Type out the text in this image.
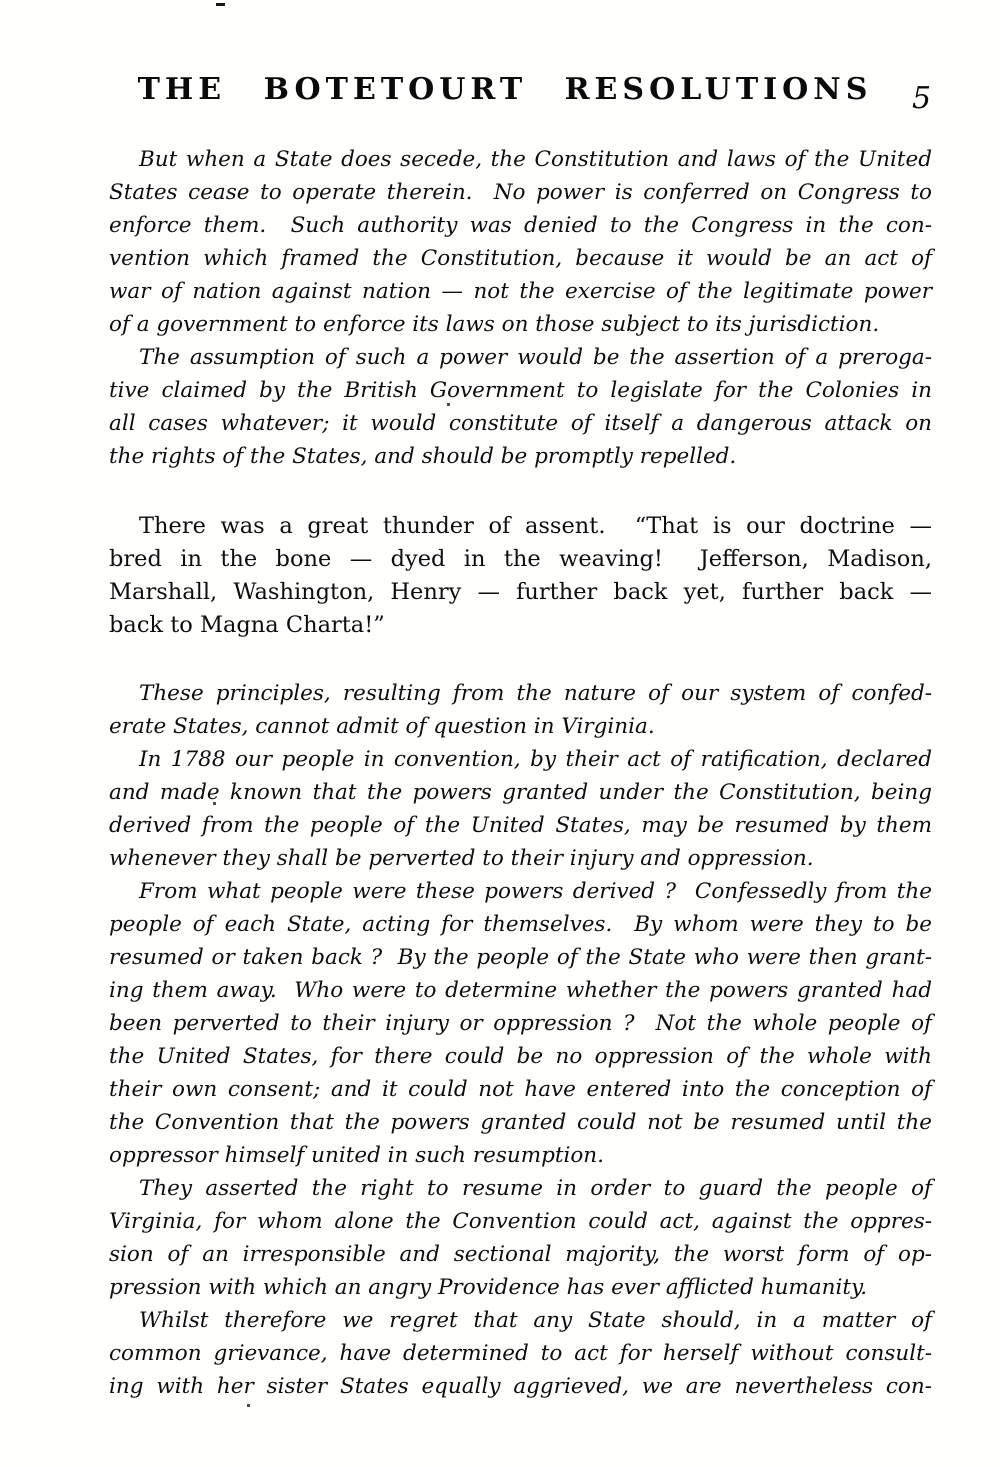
THE BOTETOURT RESOLUTIONS 5

But when a State does secede, the Constitution and laws of the United
States cease to operate therein.  No power is conferred on Congress to
enforce them.  Such authority was denied to the Congress in the con-
vention which framed the Constitution, because it would be an act of
war of nation against nation — not the exercise of the legitimate power
of a government to enforce its laws on those subject to its jurisdiction.

The assumption of such a power would be the assertion of a preroga-
tive claimed by the British Government to legislate for the Colonies in
all cases whatever; it would constitute of itself a dangerous attack on
the rights of the States, and should be promptly repelled.

There was a great thunder of assent.  “That is our doctrine —
bred in the bone — dyed in the weaving!  Jefferson, Madison,
Marshall, Washington, Henry — further back yet, further back —
back to Magna Charta!”

These principles, resulting from the nature of our system of confed-
erate States, cannot admit of question in Virginia.

In 1788 our people in convention, by their act of ratification, declared
and made known that the powers granted under the Constitution, being
derived from the people of the United States, may be resumed by them
whenever they shall be perverted to their injury and oppression.

From what people were these powers derived ?  Confessedly from the
people of each State, acting for themselves.  By whom were they to be
resumed or taken back ?  By the people of the State who were then grant-
ing them away.  Who were to determine whether the powers granted had
been perverted to their injury or oppression ?  Not the whole people of
the United States, for there could be no oppression of the whole with
their own consent; and it could not have entered into the conception of
the Convention that the powers granted could not be resumed until the
oppressor himself united in such resumption.

They asserted the right to resume in order to guard the people of
Virginia, for whom alone the Convention could act, against the oppres-
sion of an irresponsible and sectional majority, the worst form of op-
pression with which an angry Providence has ever afflicted humanity.

Whilst therefore we regret that any State should, in a matter of
common grievance, have determined to act for herself without consult-
ing with her sister States equally aggrieved, we are nevertheless con-
